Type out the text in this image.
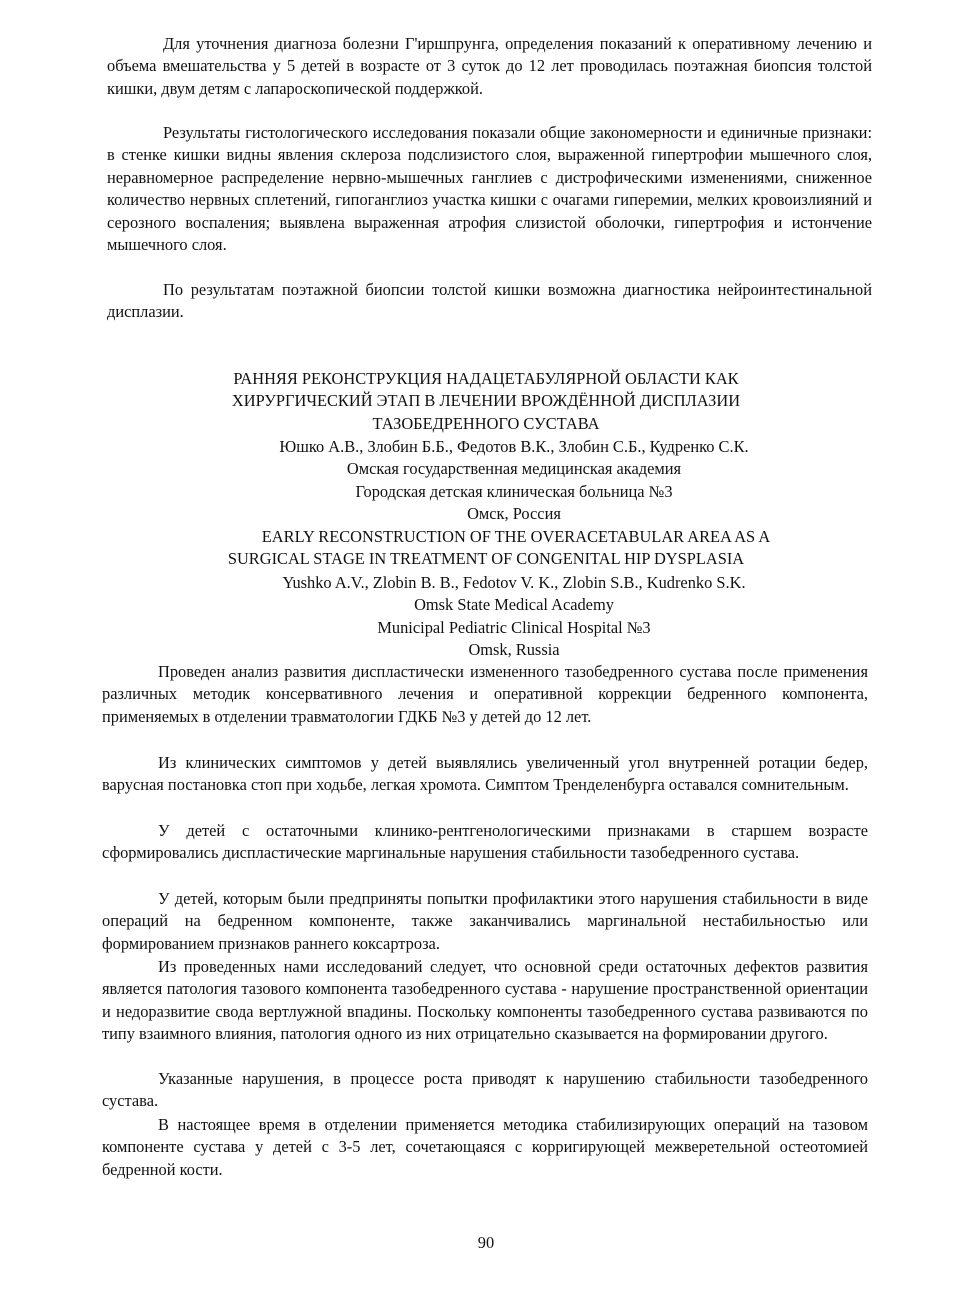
Для уточнения диагноза болезни Г'иршпрунга, определения показаний к оперативному лечению и объема вмешательства у 5 детей в возрасте от 3 суток до 12 лет проводилась поэтажная биопсия толстой кишки, двум детям с лапароскопической поддержкой.

Результаты гистологического исследования показали общие закономерности и единичные признаки: в стенке кишки видны явления склероза подслизистого слоя, выраженной гипертрофии мышечного слоя, неравномерное распределение нервно-мышечных ганглиев с дистрофическими изменениями, сниженное количество нервных сплетений, гипоганглиоз участка кишки с очагами гиперемии, мелких кровоизлияний и серозного воспаления; выявлена выраженная атрофия слизистой оболочки, гипертрофия и истончение мышечного слоя.

По результатам поэтажной биопсии толстой кишки возможна диагностика нейроинтестинальной дисплазии.

РАННЯЯ РЕКОНСТРУКЦИЯ НАДАЦЕТАБУЛЯРНОЙ ОБЛАСТИ КАК
ХИРУРГИЧЕСКИЙ ЭТАП В ЛЕЧЕНИИ ВРОЖДЁННОЙ ДИСПЛАЗИИ
ТАЗОБЕДРЕННОГО СУСТАВА
Юшко А.В., Злобин Б.Б., Федотов В.К., Злобин С.Б., Кудренко С.К.
Омская государственная медицинская академия
Городская детская клиническая больница №3
Омск, Россия
EARLY RECONSTRUCTION OF THE OVERACETABULAR AREA AS A
SURGICAL STAGE IN TREATMENT OF CONGENITAL HIP DYSPLASIA
Yushko A.V., Zlobin B. B., Fedotov V. K., Zlobin S.B., Kudrenko S.K.
Omsk State Medical Academy
Municipal Pediatric Clinical Hospital №3
Omsk, Russia

Проведен анализ развития диспластически измененного тазобедренного сустава после применения различных методик консервативного лечения и оперативной коррекции бедренного компонента, применяемых в отделении травматологии ГДКБ №3 у детей до 12 лет.

Из клинических симптомов у детей выявлялись увеличенный угол внутренней ротации бедер, варусная постановка стоп при ходьбе, легкая хромота. Симптом Тренделенбурга оставался сомнительным.

У детей с остаточными клинико-рентгенологическими признаками в старшем возрасте сформировались диспластические маргинальные нарушения стабильности тазобедренного сустава.

У детей, которым были предприняты попытки профилактики этого нарушения стабильности в виде операций на бедренном компоненте, также заканчивались маргинальной нестабильностью или формированием признаков раннего коксартроза.

Из проведенных нами исследований следует, что основной среди остаточных дефектов развития является патология тазового компонента тазобедренного сустава - нарушение пространственной ориентации и недоразвитие свода вертлужной впадины. Поскольку компоненты тазобедренного сустава развиваются по типу взаимного влияния, патология одного из них отрицательно сказывается на формировании другого.

Указанные нарушения, в процессе роста приводят к нарушению стабильности тазобедренного сустава.

В настоящее время в отделении применяется методика стабилизирующих операций на тазовом компоненте сустава у детей с 3-5 лет, сочетающаяся с корригирующей межверетельной остеотомией бедренной кости.

90
